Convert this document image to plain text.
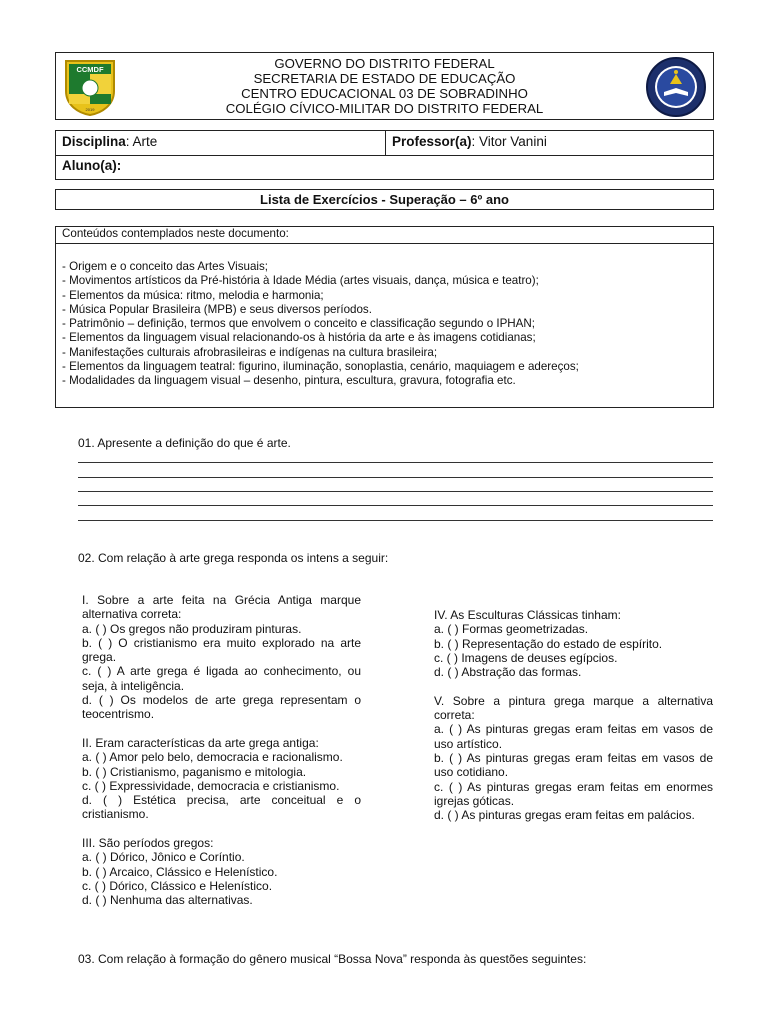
CCMDF
2019
GOVERNO DO DISTRITO FEDERAL
SECRETARIA DE ESTADO DE EDUCAÇÃO
CENTRO EDUCACIONAL 03 DE SOBRADINHO
COLÉGIO CÍVICO-MILITAR DO DISTRITO FEDERAL
Disciplina: Arte	Professor(a): Vitor Vanini
Aluno(a):
Lista de Exercícios - Superação – 6º ano
Conteúdos contemplados neste documento:
- Origem e o conceito das Artes Visuais;
- Movimentos artísticos da Pré-história à Idade Média (artes visuais, dança, música e teatro);
- Elementos da música: ritmo, melodia e harmonia;
- Música Popular Brasileira (MPB) e seus diversos períodos.
- Patrimônio – definição, termos que envolvem o conceito e classificação segundo o IPHAN;
- Elementos da linguagem visual relacionando-os à história da arte e às imagens cotidianas;
- Manifestações culturais afrobrasileiras e indígenas na cultura brasileira;
- Elementos da linguagem teatral: figurino, iluminação, sonoplastia, cenário, maquiagem e adereços;
- Modalidades da linguagem visual – desenho, pintura, escultura, gravura, fotografia etc.
01. Apresente a definição do que é arte.
02. Com relação à arte grega responda os intens a seguir:

I. Sobre a arte feita na Grécia Antiga marque alternativa correta:

a. ( ) Os gregos não produziram pinturas.

b. ( ) O cristianismo era muito explorado na arte grega.

c. ( ) A arte grega é ligada ao conhecimento, ou seja, à inteligência.

d. ( ) Os modelos de arte grega representam o teocentrismo.

II. Eram características da arte grega antiga:

a. ( ) Amor pelo belo, democracia e racionalismo.

b. ( ) Cristianismo, paganismo e mitologia.

c. ( ) Expressividade, democracia e cristianismo.

d. ( ) Estética precisa, arte conceitual e o cristianismo.

III. São períodos gregos:

a. ( ) Dórico, Jônico e Coríntio.

b. ( ) Arcaico, Clássico e Helenístico.

c. ( ) Dórico, Clássico e Helenístico.

d. ( ) Nenhuma das alternativas.

IV. As Esculturas Clássicas tinham:

a. ( ) Formas geometrizadas.

b. ( ) Representação do estado de espírito.

c. ( ) Imagens de deuses egípcios.

d. ( ) Abstração das formas.

V. Sobre a pintura grega marque a alternativa correta:

a. ( ) As pinturas gregas eram feitas em vasos de uso artístico.

b. ( ) As pinturas gregas eram feitas em vasos de uso cotidiano.

c. ( ) As pinturas gregas eram feitas em enormes igrejas góticas.

d. ( ) As pinturas gregas eram feitas em palácios.

03. Com relação à formação do gênero musical “Bossa Nova” responda às questões seguintes:
